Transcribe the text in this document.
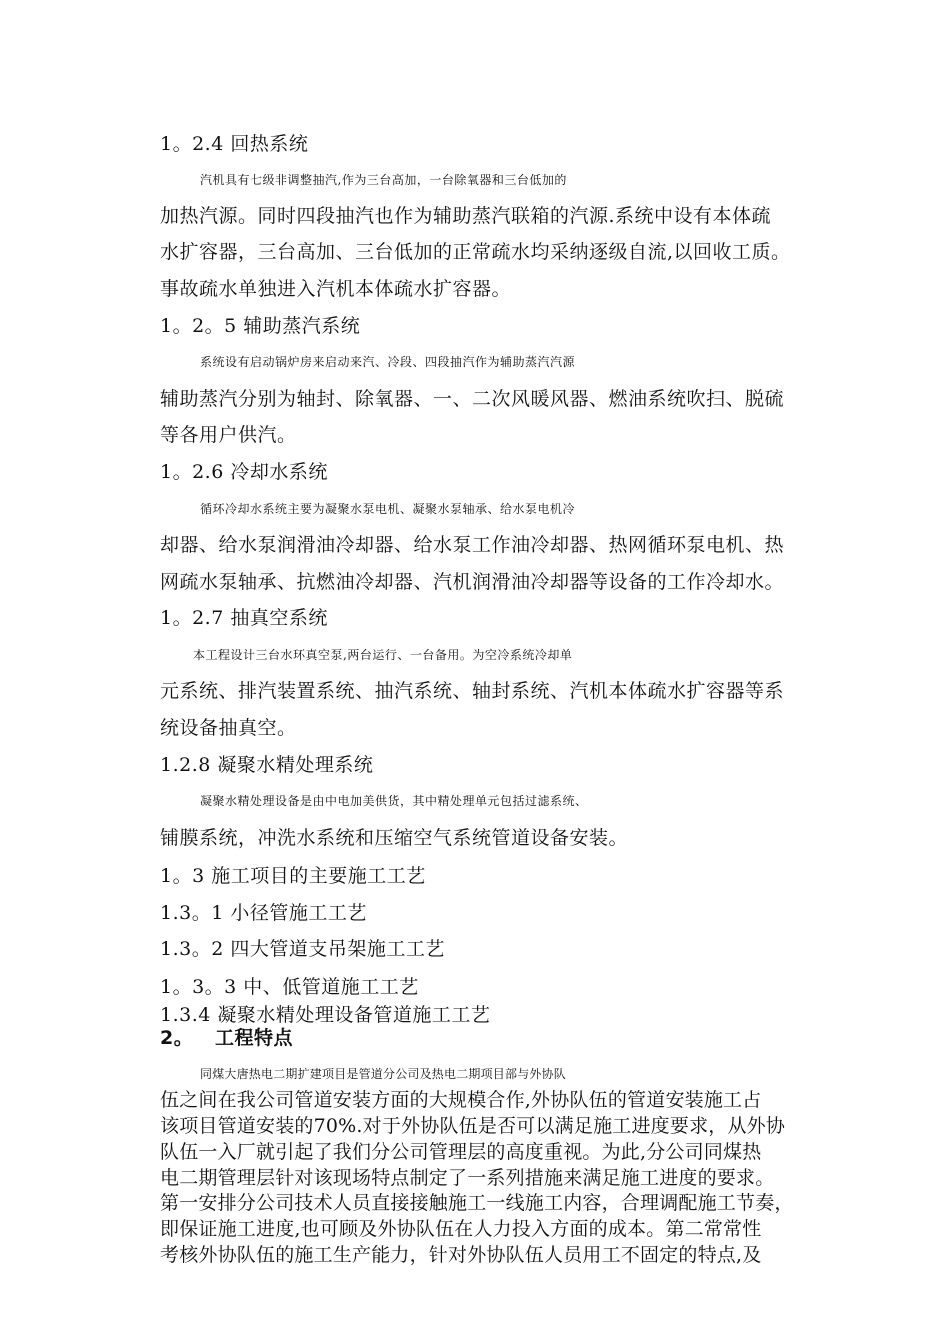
1。2.4 回热系统
汽机具有七级非调整抽汽,作为三台高加，一台除氧器和三台低加的
加热汽源。同时四段抽汽也作为辅助蒸汽联箱的汽源.系统中设有本体疏
水扩容器，三台高加、三台低加的正常疏水均采纳逐级自流,以回收工质。
事故疏水单独进入汽机本体疏水扩容器。
1。2。5 辅助蒸汽系统
系统设有启动锅炉房来启动来汽、冷段、四段抽汽作为辅助蒸汽汽源
辅助蒸汽分别为轴封、除氧器、一、二次风暖风器、燃油系统吹扫、脱硫
等各用户供汽。
1。2.6 冷却水系统
循环冷却水系统主要为凝聚水泵电机、凝聚水泵轴承、给水泵电机冷
却器、给水泵润滑油冷却器、给水泵工作油冷却器、热网循环泵电机、热
网疏水泵轴承、抗燃油冷却器、汽机润滑油冷却器等设备的工作冷却水。
1。2.7 抽真空系统
本工程设计三台水环真空泵,两台运行、一台备用。为空冷系统冷却单
元系统、排汽装置系统、抽汽系统、轴封系统、汽机本体疏水扩容器等系
统设备抽真空。
1.2.8 凝聚水精处理系统
凝聚水精处理设备是由中电加美供货，其中精处理单元包括过滤系统、
铺膜系统，冲洗水系统和压缩空气系统管道设备安装。
1。3 施工项目的主要施工工艺
1.3。1 小径管施工工艺
1.3。2 四大管道支吊架施工工艺
1。3。3 中、低管道施工工艺
1.3.4 凝聚水精处理设备管道施工工艺
2。 工程特点
同煤大唐热电二期扩建项目是管道分公司及热电二期项目部与外协队
伍之间在我公司管道安装方面的大规模合作,外协队伍的管道安装施工占
该项目管道安装的70%.对于外协队伍是否可以满足施工进度要求，从外协
队伍一入厂就引起了我们分公司管理层的高度重视。为此,分公司同煤热
电二期管理层针对该现场特点制定了一系列措施来满足施工进度的要求。
第一安排分公司技术人员直接接触施工一线施工内容，合理调配施工节奏，
即保证施工进度,也可顾及外协队伍在人力投入方面的成本。第二常常性
考核外协队伍的施工生产能力，针对外协队伍人员用工不固定的特点,及
